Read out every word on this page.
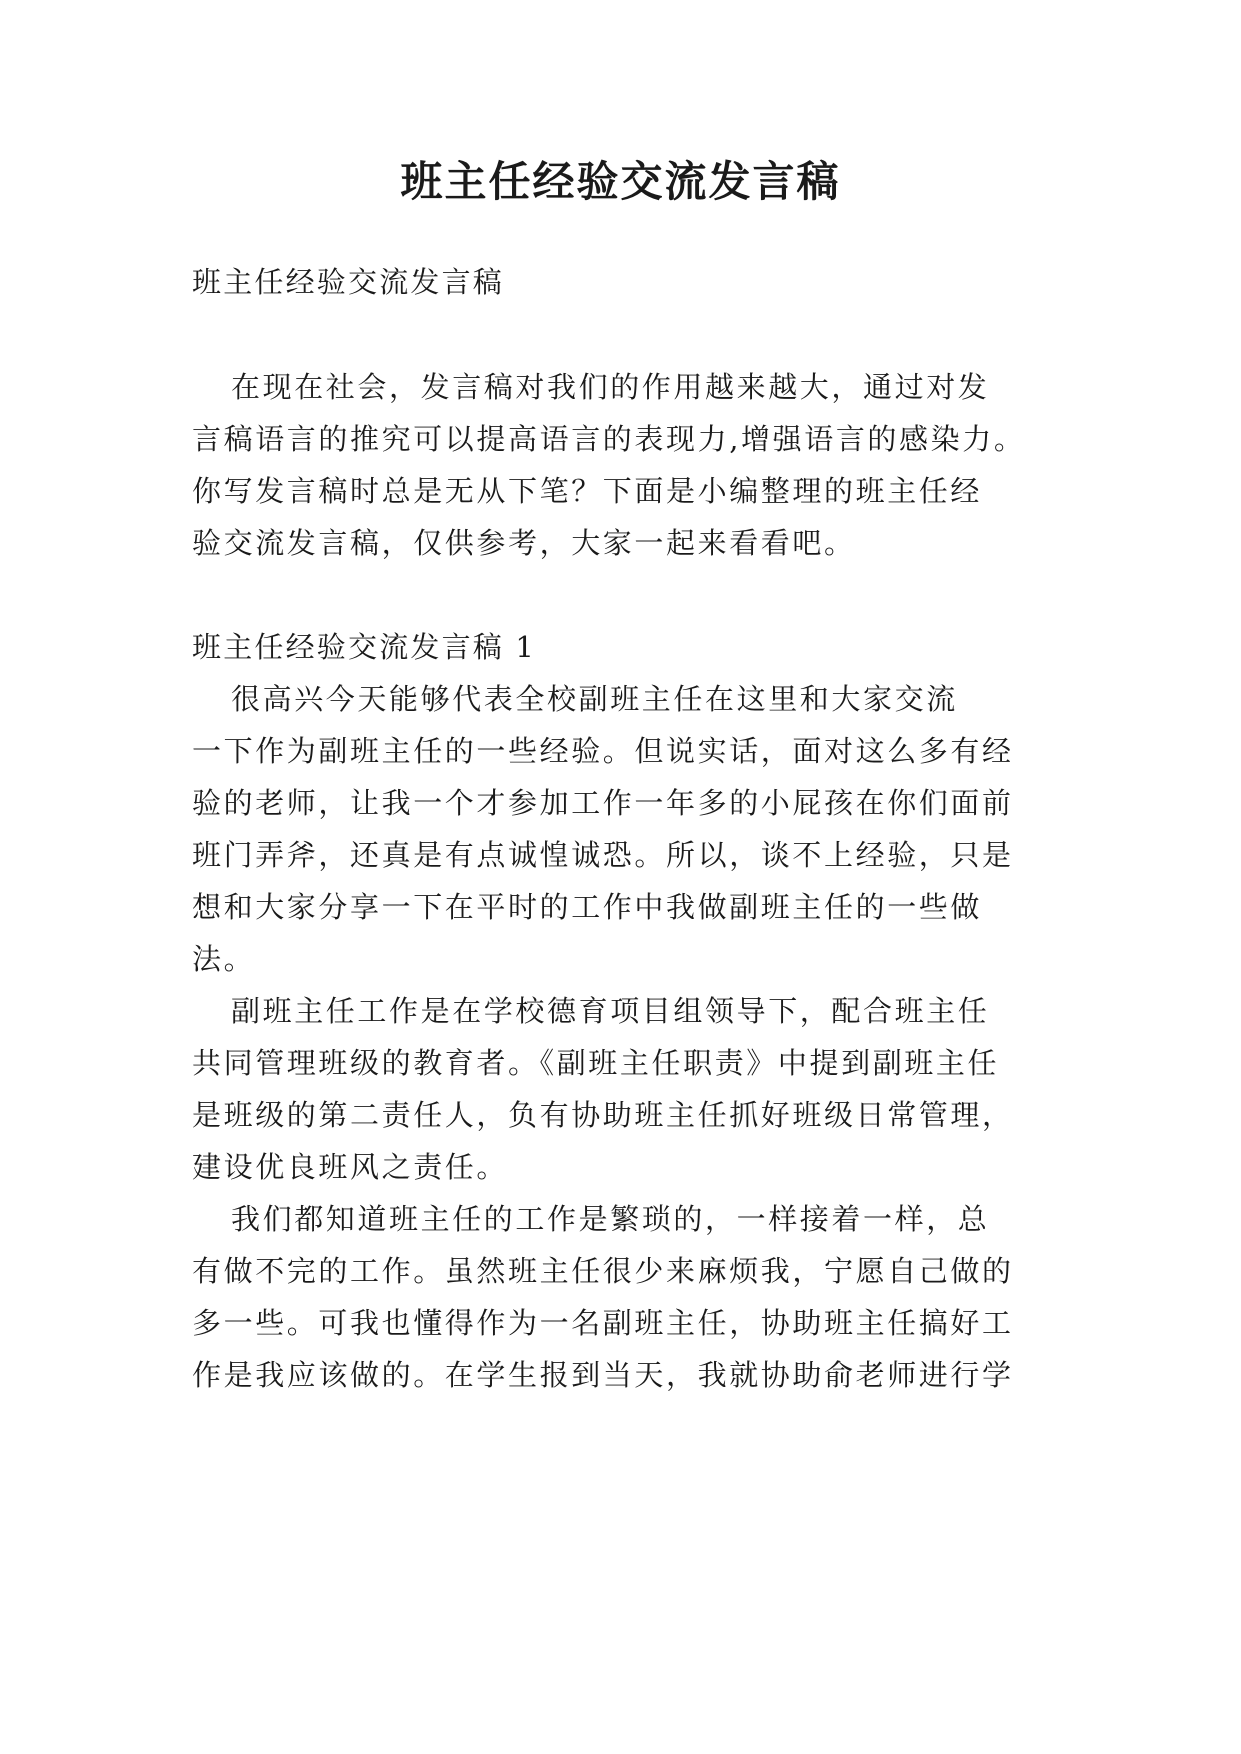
班主任经验交流发言稿

班主任经验交流发言稿

在现在社会，发言稿对我们的作用越来越大，通过对发

言稿语言的推究可以提高语言的表现力,增强语言的感染力。

你写发言稿时总是无从下笔？下面是小编整理的班主任经

验交流发言稿，仅供参考，大家一起来看看吧。

班主任经验交流发言稿 1

很高兴今天能够代表全校副班主任在这里和大家交流

一下作为副班主任的一些经验。但说实话，面对这么多有经

验的老师，让我一个才参加工作一年多的小屁孩在你们面前

班门弄斧，还真是有点诚惶诚恐。所以，谈不上经验，只是

想和大家分享一下在平时的工作中我做副班主任的一些做

法。

副班主任工作是在学校德育项目组领导下，配合班主任

共同管理班级的教育者。《副班主任职责》中提到副班主任

是班级的第二责任人，负有协助班主任抓好班级日常管理，

建设优良班风之责任。

我们都知道班主任的工作是繁琐的，一样接着一样，总

有做不完的工作。虽然班主任很少来麻烦我，宁愿自己做的

多一些。可我也懂得作为一名副班主任，协助班主任搞好工

作是我应该做的。在学生报到当天，我就协助俞老师进行学
